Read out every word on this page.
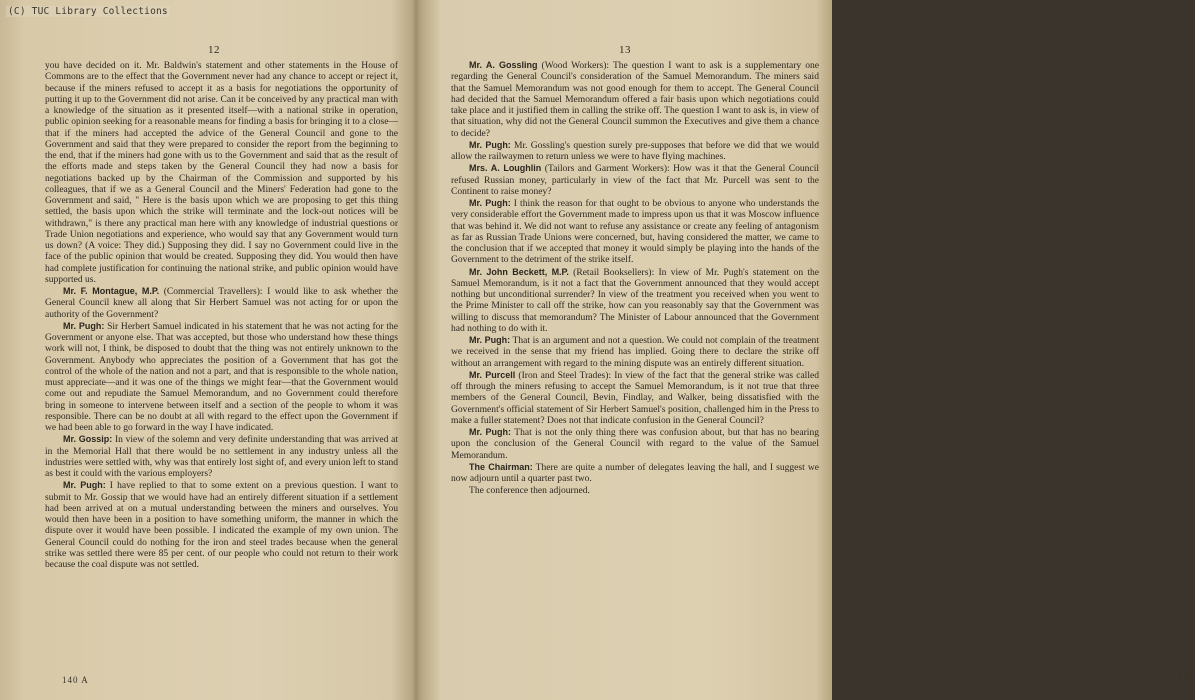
(C) TUC Library Collections
12

you have decided on it. Mr. Baldwin's statement and other statements in the House of Commons are to the effect that the Government never had any chance to accept or reject it, because if the miners refused to accept it as a basis for negotiations the opportunity of putting it up to the Government did not arise. Can it be conceived by any practical man with a knowledge of the situation as it presented itself—with a national strike in operation, public opinion seeking for a reasonable means for finding a basis for bringing it to a close—that if the miners had accepted the advice of the General Council and gone to the Government and said that they were prepared to consider the report from the beginning to the end, that if the miners had gone with us to the Government and said that as the result of the efforts made and steps taken by the General Council they had now a basis for negotiations backed up by the Chairman of the Commission and supported by his colleagues, that if we as a General Council and the Miners' Federation had gone to the Government and said, " Here is the basis upon which we are proposing to get this thing settled, the basis upon which the strike will terminate and the lock-out notices will be withdrawn," is there any practical man here with any knowledge of industrial questions or Trade Union negotiations and experience, who would say that any Government would turn us down? (A voice: They did.) Supposing they did. I say no Government could live in the face of the public opinion that would be created. Supposing they did. You would then have had complete justification for continuing the national strike, and public opinion would have supported us.

Mr. F. Montague, M.P. (Commercial Travellers): I would like to ask whether the General Council knew all along that Sir Herbert Samuel was not acting for or upon the authority of the Government?

Mr. Pugh: Sir Herbert Samuel indicated in his statement that he was not acting for the Government or anyone else. That was accepted, but those who understand how these things work will not, I think, be disposed to doubt that the thing was not entirely unknown to the Government. Anybody who appreciates the position of a Government that has got the control of the whole of the nation and not a part, and that is responsible to the whole nation, must appreciate—and it was one of the things we might fear—that the Government would come out and repudiate the Samuel Memorandum, and no Government could therefore bring in someone to intervene between itself and a section of the people to whom it was responsible. There can be no doubt at all with regard to the effect upon the Government if we had been able to go forward in the way I have indicated.

Mr. Gossip: In view of the solemn and very definite understanding that was arrived at in the Memorial Hall that there would be no settlement in any industry unless all the industries were settled with, why was that entirely lost sight of, and every union left to stand as best it could with the various employers?

Mr. Pugh: I have replied to that to some extent on a previous question. I want to submit to Mr. Gossip that we would have had an entirely different situation if a settlement had been arrived at on a mutual understanding between the miners and ourselves. You would then have been in a position to have something uniform, the manner in which the dispute over it would have been possible. I indicated the example of my own union. The General Council could do nothing for the iron and steel trades because when the general strike was settled there were 85 per cent. of our people who could not return to their work because the coal dispute was not settled.

140 A
13

Mr. A. Gossling (Wood Workers): The question I want to ask is a supplementary one regarding the General Council's consideration of the Samuel Memorandum. The miners said that the Samuel Memorandum was not good enough for them to accept. The General Council had decided that the Samuel Memorandum offered a fair basis upon which negotiations could take place and it justified them in calling the strike off. The question I want to ask is, in view of that situation, why did not the General Council summon the Executives and give them a chance to decide?

Mr. Pugh: Mr. Gossling's question surely pre-supposes that before we did that we would allow the railwaymen to return unless we were to have flying machines.

Mrs. A. Loughlin (Tailors and Garment Workers): How was it that the General Council refused Russian money, particularly in view of the fact that Mr. Purcell was sent to the Continent to raise money?

Mr. Pugh: I think the reason for that ought to be obvious to anyone who understands the very considerable effort the Government made to impress upon us that it was Moscow influence that was behind it. We did not want to refuse any assistance or create any feeling of antagonism as far as Russian Trade Unions were concerned, but, having considered the matter, we came to the conclusion that if we accepted that money it would simply be playing into the hands of the Government to the detriment of the strike itself.

Mr. John Beckett, M.P. (Retail Booksellers): In view of Mr. Pugh's statement on the Samuel Memorandum, is it not a fact that the Government announced that they would accept nothing but unconditional surrender? In view of the treatment you received when you went to the Prime Minister to call off the strike, how can you reasonably say that the Government was willing to discuss that memorandum? The Minister of Labour announced that the Government had nothing to do with it.

Mr. Pugh: That is an argument and not a question. We could not complain of the treatment we received in the sense that my friend has implied. Going there to declare the strike off without an arrangement with regard to the mining dispute was an entirely different situation.

Mr. Purcell (Iron and Steel Trades): In view of the fact that the general strike was called off through the miners refusing to accept the Samuel Memorandum, is it not true that three members of the General Council, Bevin, Findlay, and Walker, being dissatisfied with the Government's official statement of Sir Herbert Samuel's position, challenged him in the Press to make a fuller statement? Does not that indicate confusion in the General Council?

Mr. Pugh: That is not the only thing there was confusion about, but that has no bearing upon the conclusion of the General Council with regard to the value of the Samuel Memorandum.

The Chairman: There are quite a number of delegates leaving the hall, and I suggest we now adjourn until a quarter past two.

The conference then adjourned.

141 A
